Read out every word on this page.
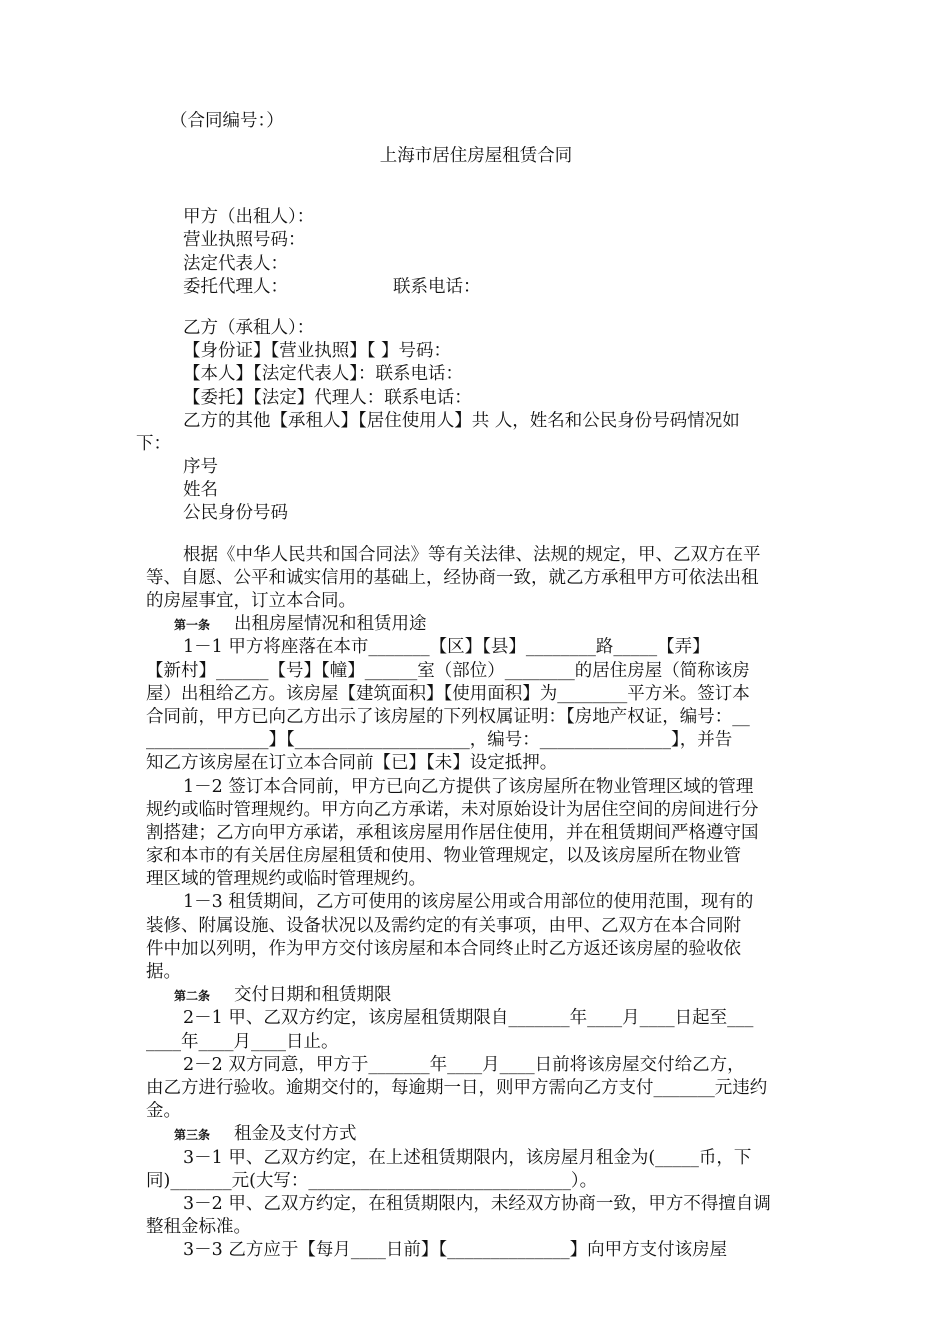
（合同编号：）
上海市居住房屋租赁合同
甲方（出租人）：
营业执照号码：
法定代表人：
委托代理人：	联系电话：
乙方（承租人）：
【身份证】【营业执照】【 】号码：
【本人】【法定代表人】：联系电话：
【委托】【法定】代理人：联系电话：
乙方的其他【承租人】【居住使用人】共 人，姓名和公民身份号码情况如
下：
序号
姓名
公民身份号码
根据《中华人民共和国合同法》等有关法律、法规的规定，甲、乙双方在平
等、自愿、公平和诚实信用的基础上，经协商一致，就乙方承租甲方可依法出租
的房屋事宜，订立本合同。
第一条 出租房屋情况和租赁用途
1－1 甲方将座落在本市_______【区】【县】________路_____【弄】
【新村】______【号】【幢】______室（部位）________的居住房屋（简称该房
屋）出租给乙方。该房屋【建筑面积】【使用面积】为________平方米。签订本
合同前，甲方已向乙方出示了该房屋的下列权属证明：【房地产权证，编号：__
______________】【____________________，编号：_______________】，并告
知乙方该房屋在订立本合同前【已】【未】设定抵押。
1－2 签订本合同前，甲方已向乙方提供了该房屋所在物业管理区域的管理
规约或临时管理规约。甲方向乙方承诺，未对原始设计为居住空间的房间进行分
割搭建；乙方向甲方承诺，承租该房屋用作居住使用，并在租赁期间严格遵守国
家和本市的有关居住房屋租赁和使用、物业管理规定，以及该房屋所在物业管
理区域的管理规约或临时管理规约。
1－3 租赁期间，乙方可使用的该房屋公用或合用部位的使用范围，现有的
装修、附属设施、设备状况以及需约定的有关事项，由甲、乙双方在本合同附
件中加以列明，作为甲方交付该房屋和本合同终止时乙方返还该房屋的验收依
据。
第二条 交付日期和租赁期限
2－1 甲、乙双方约定，该房屋租赁期限自_______年____月____日起至___
____年____月____日止。
2－2 双方同意，甲方于_______年____月____日前将该房屋交付给乙方，
由乙方进行验收。逾期交付的，每逾期一日，则甲方需向乙方支付_______元违约
金。
第三条 租金及支付方式
3－1 甲、乙双方约定，在上述租赁期限内，该房屋月租金为(_____币，下
同)_______元(大写：______________________________）。
3－2 甲、乙双方约定，在租赁期限内，未经双方协商一致，甲方不得擅自调
整租金标准。
3－3 乙方应于【每月____日前】【______________】向甲方支付该房屋
